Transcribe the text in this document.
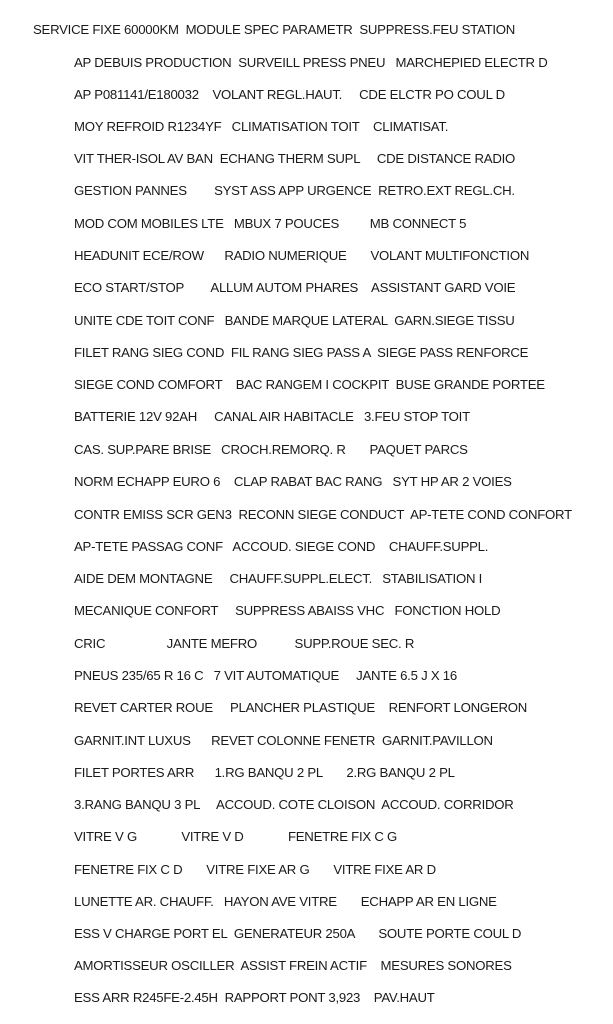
SERVICE FIXE 60000KM  MODULE SPEC PARAMETR  SUPPRESS.FEU STATION
AP DEBUIS PRODUCTION  SURVEILL PRESS PNEU   MARCHEPIED ELECTR D
AP P081141/E180032    VOLANT REGL.HAUT.     CDE ELCTR PO COUL D
MOY REFROID R1234YF   CLIMATISATION TOIT    CLIMATISAT.
VIT THER-ISOL AV BAN  ECHANG THERM SUPL     CDE DISTANCE RADIO
GESTION PANNES        SYST ASS APP URGENCE  RETRO.EXT REGL.CH.
MOD COM MOBILES LTE   MBUX 7 POUCES         MB CONNECT 5
HEADUNIT ECE/ROW      RADIO NUMERIQUE       VOLANT MULTIFONCTION
ECO START/STOP        ALLUM AUTOM PHARES    ASSISTANT GARD VOIE
UNITE CDE TOIT CONF   BANDE MARQUE LATERAL  GARN.SIEGE TISSU
FILET RANG SIEG COND  FIL RANG SIEG PASS A  SIEGE PASS RENFORCE
SIEGE COND COMFORT    BAC RANGEM I COCKPIT  BUSE GRANDE PORTEE
BATTERIE 12V 92AH     CANAL AIR HABITACLE   3.FEU STOP TOIT
CAS. SUP.PARE BRISE   CROCH.REMORQ. R       PAQUET PARCS
NORM ECHAPP EURO 6    CLAP RABAT BAC RANG   SYT HP AR 2 VOIES
CONTR EMISS SCR GEN3  RECONN SIEGE CONDUCT  AP-TETE COND CONFORT
AP-TETE PASSAG CONF   ACCOUD. SIEGE COND    CHAUFF.SUPPL.
AIDE DEM MONTAGNE     CHAUFF.SUPPL.ELECT.   STABILISATION I
MECANIQUE CONFORT     SUPPRESS ABAISS VHC   FONCTION HOLD
CRIC                  JANTE MEFRO           SUPP.ROUE SEC. R
PNEUS 235/65 R 16 C   7 VIT AUTOMATIQUE     JANTE 6.5 J X 16
REVET CARTER ROUE     PLANCHER PLASTIQUE    RENFORT LONGERON
GARNIT.INT LUXUS      REVET COLONNE FENETR  GARNIT.PAVILLON
FILET PORTES ARR      1.RG BANQU 2 PL       2.RG BANQU 2 PL
3.RANG BANQU 3 PL     ACCOUD. COTE CLOISON  ACCOUD. CORRIDOR
VITRE V G             VITRE V D             FENETRE FIX C G
FENETRE FIX C D       VITRE FIXE AR G       VITRE FIXE AR D
LUNETTE AR. CHAUFF.   HAYON AVE VITRE       ECHAPP AR EN LIGNE
ESS V CHARGE PORT EL  GENERATEUR 250A       SOUTE PORTE COUL D
AMORTISSEUR OSCILLER  ASSIST FREIN ACTIF    MESURES SONORES
ESS ARR R245FE-2.45H  RAPPORT PONT 3,923    PAV.HAUT
